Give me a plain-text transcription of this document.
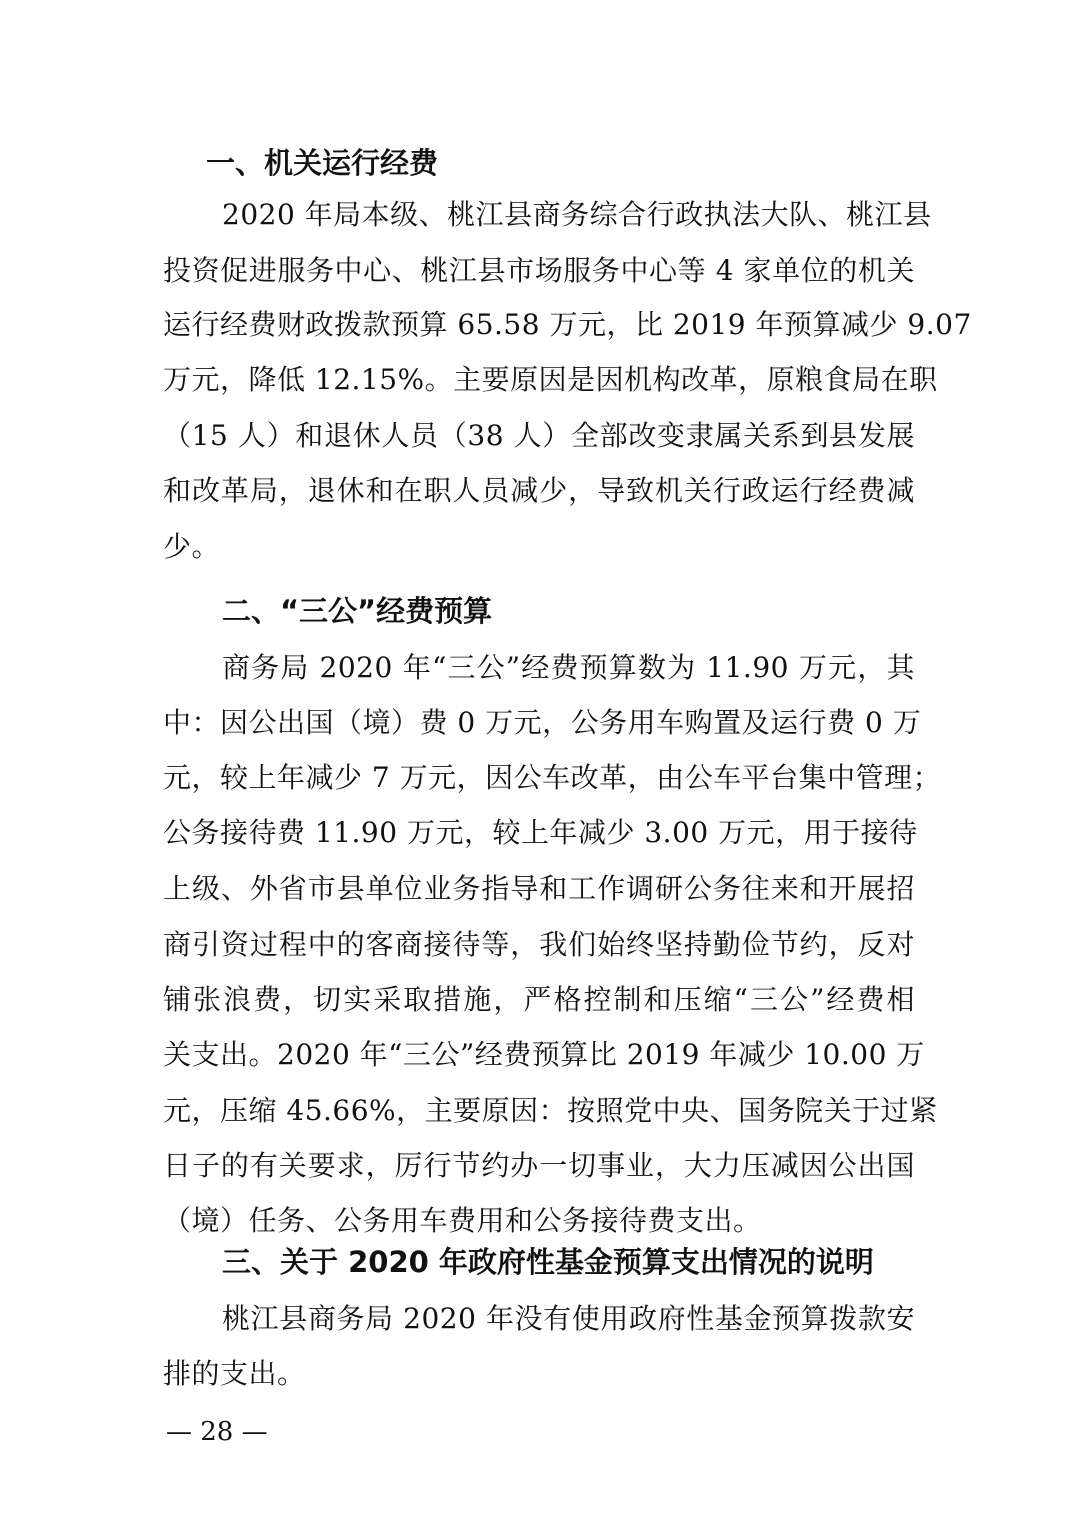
一、机关运行经费
2020 年局本级、桃江县商务综合行政执法大队、桃江县
投资促进服务中心、桃江县市场服务中心等 4 家单位的机关
运行经费财政拨款预算 65.58 万元，比 2019 年预算减少 9.07
万元，降低 12.15%。主要原因是因机构改革，原粮食局在职
（15 人）和退休人员（38 人）全部改变隶属关系到县发展
和改革局，退休和在职人员减少，导致机关行政运行经费减
少。
二、“三公”经费预算
商务局 2020 年“三公”经费预算数为 11.90 万元，其
中：因公出国（境）费 0 万元，公务用车购置及运行费 0 万
元，较上年减少 7 万元，因公车改革，由公车平台集中管理；
公务接待费 11.90 万元，较上年减少 3.00 万元，用于接待
上级、外省市县单位业务指导和工作调研公务往来和开展招
商引资过程中的客商接待等，我们始终坚持勤俭节约，反对
铺张浪费，切实采取措施，严格控制和压缩“三公”经费相
关支出。2020 年“三公”经费预算比 2019 年减少 10.00 万
元，压缩 45.66%，主要原因：按照党中央、国务院关于过紧
日子的有关要求，厉行节约办一切事业，大力压减因公出国
（境）任务、公务用车费用和公务接待费支出。
三、关于 2020 年政府性基金预算支出情况的说明
桃江县商务局 2020 年没有使用政府性基金预算拨款安
排的支出。
— 28 —
